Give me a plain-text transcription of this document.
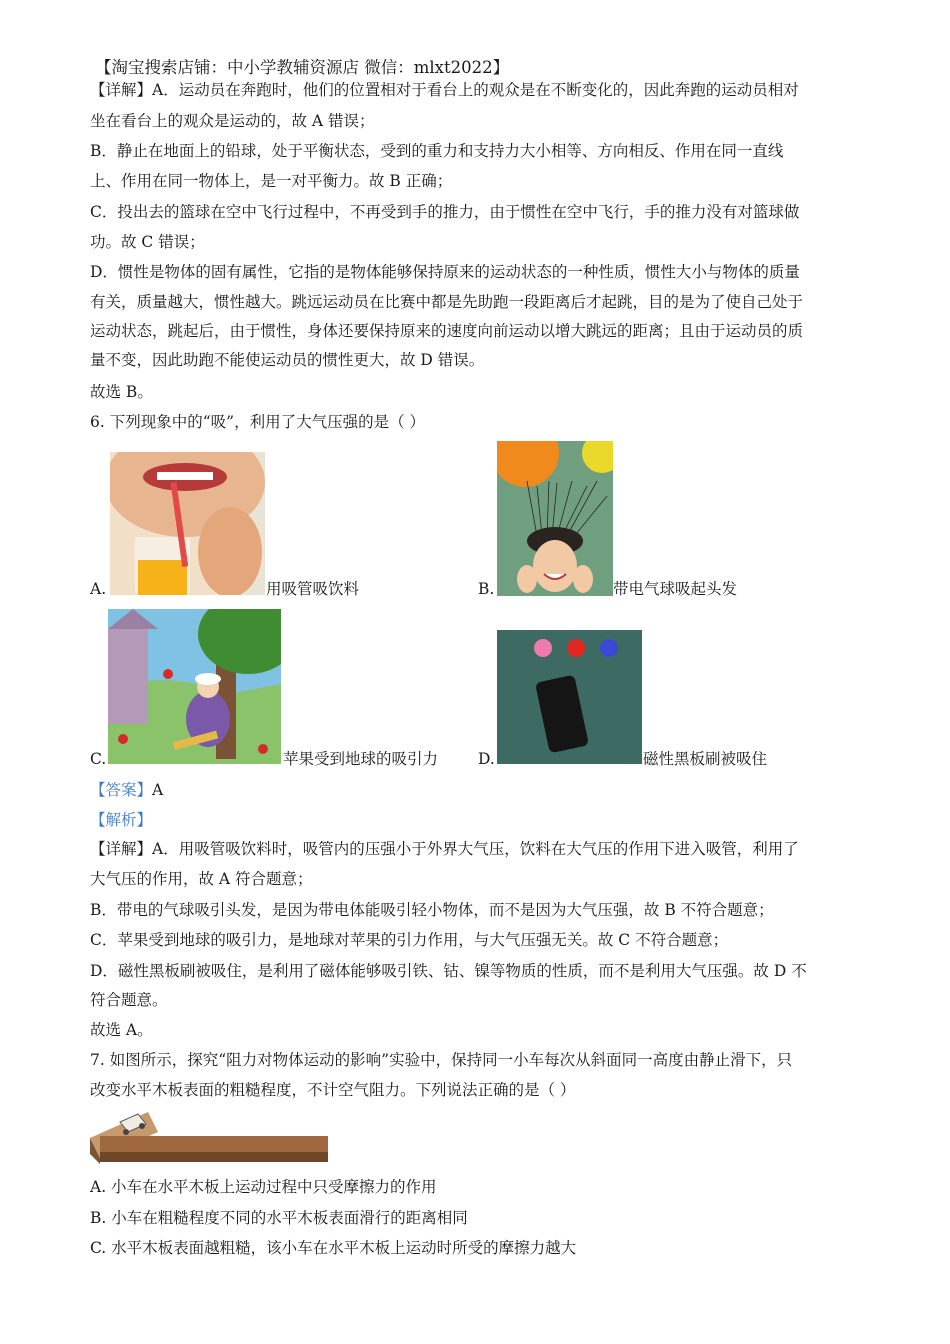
【淘宝搜索店铺：中小学教辅资源店 微信：mlxt2022】
【详解】A．运动员在奔跑时，他们的位置相对于看台上的观众是在不断变化的，因此奔跑的运动员相对
坐在看台上的观众是运动的，故 A 错误；
B．静止在地面上的铅球，处于平衡状态，受到的重力和支持力大小相等、方向相反、作用在同一直线
上、作用在同一物体上，是一对平衡力。故 B 正确；
C．投出去的篮球在空中飞行过程中，不再受到手的推力，由于惯性在空中飞行，手的推力没有对篮球做
功。故 C 错误；
D．惯性是物体的固有属性，它指的是物体能够保持原来的运动状态的一种性质，惯性大小与物体的质量
有关，质量越大，惯性越大。跳远运动员在比赛中都是先助跑一段距离后才起跳，目的是为了使自己处于
运动状态，跳起后，由于惯性，身体还要保持原来的速度向前运动以增大跳远的距离；且由于运动员的质
量不变，因此助跑不能使运动员的惯性更大，故 D 错误。
故选 B。
6. 下列现象中的“吸”，利用了大气压强的是（ ）
A.	用吸管吸饮料	B.	带电气球吸起头发
C.	苹果受到地球的吸引力	D.	磁性黑板刷被吸住
【答案】A
【解析】
【详解】A．用吸管吸饮料时，吸管内的压强小于外界大气压，饮料在大气压的作用下进入吸管，利用了
大气压的作用，故 A 符合题意；
B．带电的气球吸引头发，是因为带电体能吸引轻小物体，而不是因为大气压强，故 B 不符合题意；
C．苹果受到地球的吸引力，是地球对苹果的引力作用，与大气压强无关。故 C 不符合题意；
D．磁性黑板刷被吸住，是利用了磁体能够吸引铁、钴、镍等物质的性质，而不是利用大气压强。故 D 不
符合题意。
故选 A。
7. 如图所示，探究“阻力对物体运动的影响”实验中，保持同一小车每次从斜面同一高度由静止滑下，只
改变水平木板表面的粗糙程度，不计空气阻力。下列说法正确的是（ ）
A. 小车在水平木板上运动过程中只受摩擦力的作用
B. 小车在粗糙程度不同的水平木板表面滑行的距离相同
C. 水平木板表面越粗糙，该小车在水平木板上运动时所受的摩擦力越大
